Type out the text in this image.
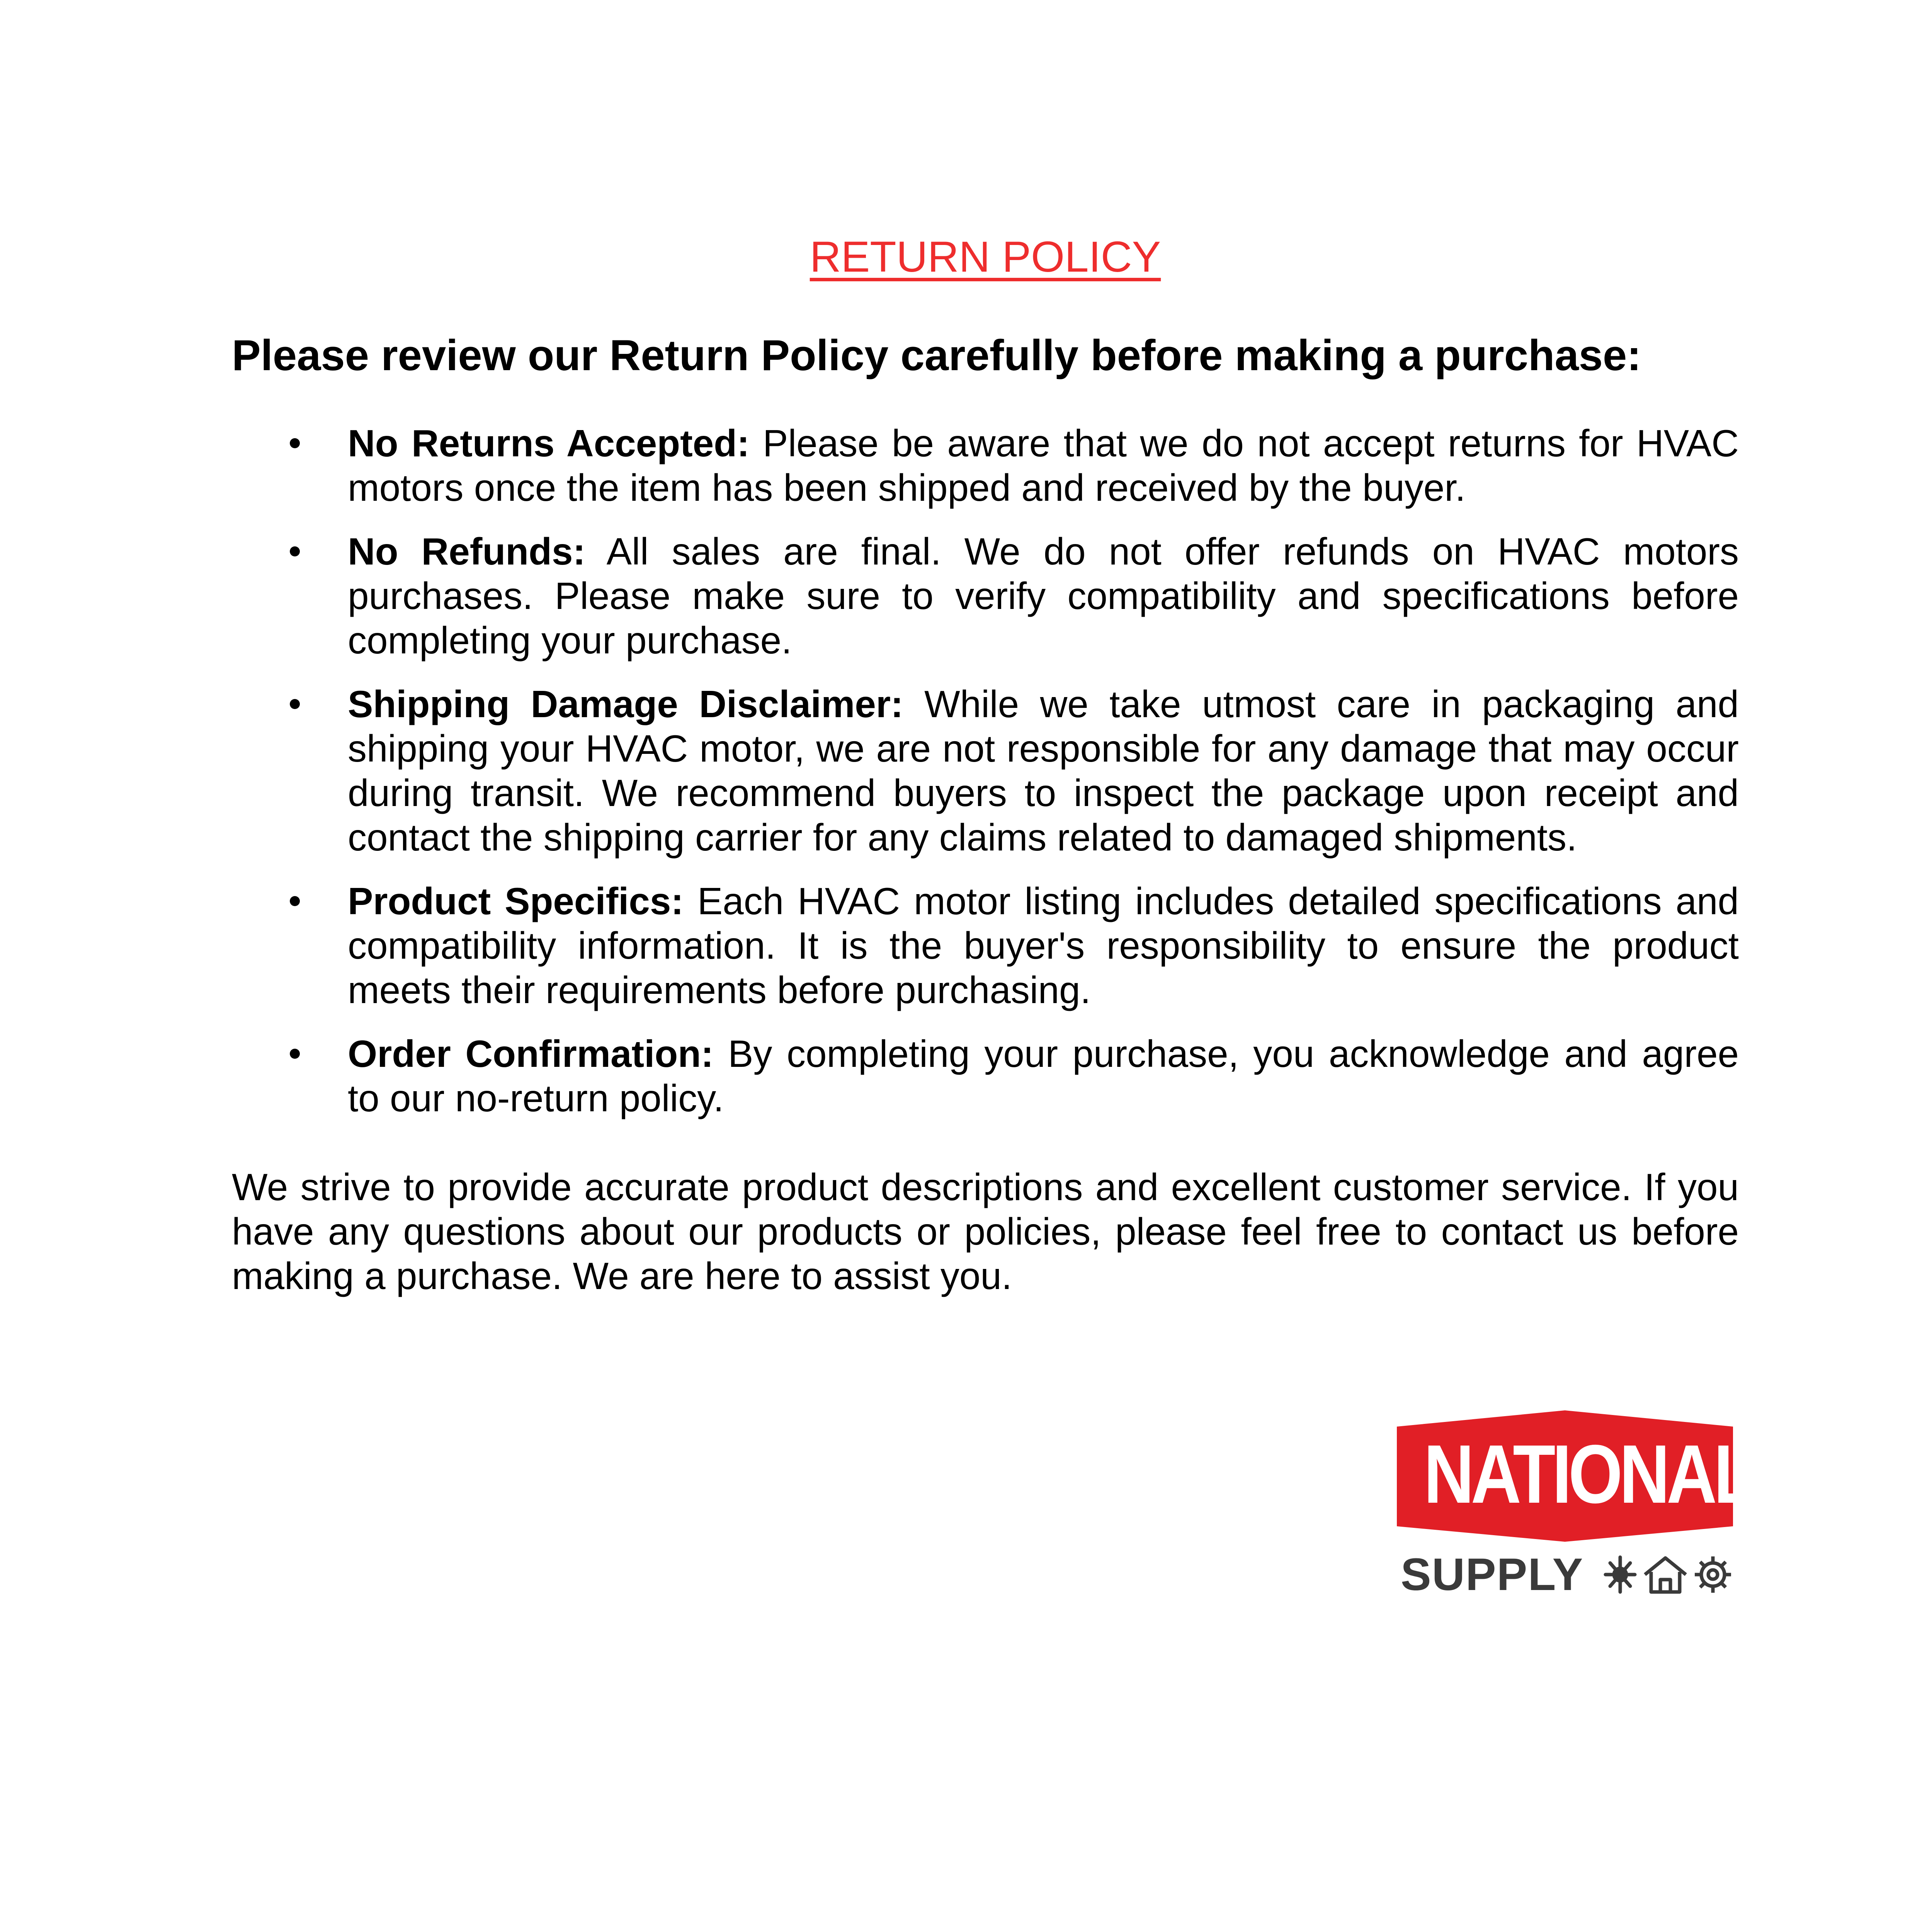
RETURN POLICY
Please review our Return Policy carefully before making a purchase:
No Returns Accepted: Please be aware that we do not accept returns for HVAC motors once the item has been shipped and received by the buyer.
No Refunds: All sales are final. We do not offer refunds on HVAC motors purchases. Please make sure to verify compatibility and specifications before completing your purchase.
Shipping Damage Disclaimer: While we take utmost care in packaging and shipping your HVAC motor, we are not responsible for any damage that may occur during transit. We recommend buyers to inspect the package upon receipt and contact the shipping carrier for any claims related to damaged shipments.
Product Specifics: Each HVAC motor listing includes detailed specifications and compatibility information. It is the buyer's responsibility to ensure the product meets their requirements before purchasing.
Order Confirmation: By completing your purchase, you acknowledge and agree to our no-return policy.

We strive to provide accurate product descriptions and excellent customer service. If you have any questions about our products or policies, please feel free to contact us before making a purchase. We are here to assist you.

NATIONAL
SUPPLY
